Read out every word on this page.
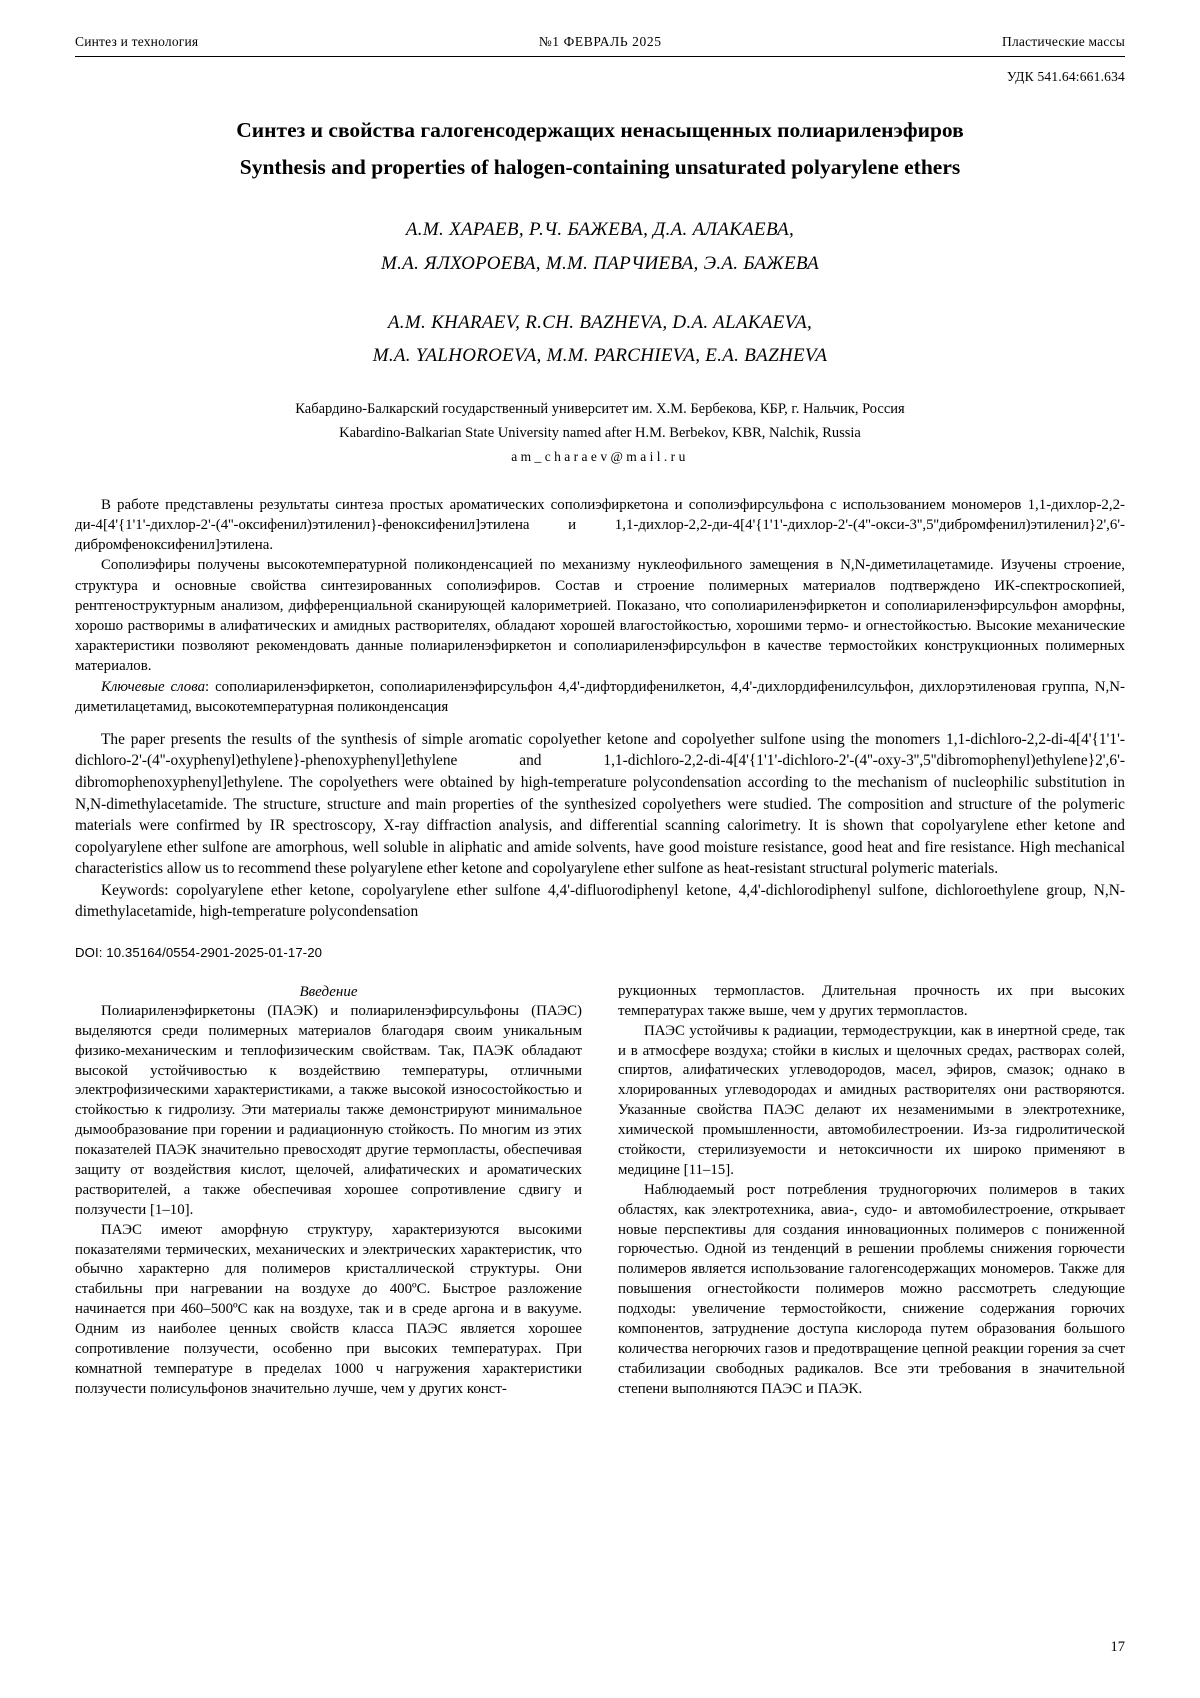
Синтез и технология	№1 ФЕВРАЛЬ 2025	Пластические массы
УДК 541.64:661.634
Синтез и свойства галогенсодержащих ненасыщенных полиариленэфиров
Synthesis and properties of halogen-containing unsaturated polyarylene ethers
А.М. ХАРАЕВ, Р.Ч. БАЖЕВА, Д.А. АЛАКАЕВА,
М.А. ЯЛХОРОЕВА, М.М. ПАРЧИЕВА, Э.А. БАЖЕВА
A.M. KHARAEV, R.CH. BAZHEVA, D.A. ALAKAEVA,
M.A. YALHOROEVA, M.M. PARCHIEVA, E.A. BAZHEVA
Кабардино-Балкарский государственный университет им. Х.М. Бербекова, КБР, г. Нальчик, Россия
Kabardino-Balkarian State University named after H.M. Berbekov, KBR, Nalchik, Russia
am_charaev@mail.ru

В работе представлены результаты синтеза простых ароматических сополиэфиркетона и сополиэфирсульфона с использованием мономеров 1,1-дихлор-2,2-ди-4[4'{1'1'-дихлор-2'-(4''-оксифенил)этиленил}-феноксифенил]этилена и 1,1-дихлор-2,2-ди-4[4'{1'1'-дихлор-2'-(4''-окси-3'',5''дибромфенил)этиленил}2',6'-дибромфеноксифенил]этилена.

Сополиэфиры получены высокотемпературной поликонденсацией по механизму нуклеофильного замещения в N,N-диметилацетамиде. Изучены строение, структура и основные свойства синтезированных сополиэфиров. Состав и строение полимерных материалов подтверждено ИК-спектроскопией, рентгеноструктурным анализом, дифференциальной сканирующей калориметрией. Показано, что сополиариленэфиркетон и сополиариленэфирсульфон аморфны, хорошо растворимы в алифатических и амидных растворителях, обладают хорошей влагостойкостью, хорошими термо- и огнестойкостью. Высокие механические характеристики позволяют рекомендовать данные полиариленэфиркетон и сополиариленэфирсульфон в качестве термостойких конструкционных полимерных материалов.

Ключевые слова: сополиариленэфиркетон, сополиариленэфирсульфон 4,4'-дифтордифенилкетон, 4,4'-дихлордифенилсульфон, дихлорэтиленовая группа, N,N-диметилацетамид, высокотемпературная поликонденсация

The paper presents the results of the synthesis of simple aromatic copolyether ketone and copolyether sulfone using the monomers 1,1-dichloro-2,2-di-4[4'{1'1'-dichloro-2'-(4''-oxyphenyl)ethylene}-phenoxyphenyl]ethylene and 1,1-dichloro-2,2-di-4[4'{1'1'-dichloro-2'-(4''-oxy-3'',5''dibromophenyl)ethylene}2',6'-dibromophenoxyphenyl]ethylene. The copolyethers were obtained by high-temperature polycondensation according to the mechanism of nucleophilic substitution in N,N-dimethylacetamide. The structure, structure and main properties of the synthesized copolyethers were studied. The composition and structure of the polymeric materials were confirmed by IR spectroscopy, X-ray diffraction analysis, and differential scanning calorimetry. It is shown that copolyarylene ether ketone and copolyarylene ether sulfone are amorphous, well soluble in aliphatic and amide solvents, have good moisture resistance, good heat and fire resistance. High mechanical characteristics allow us to recommend these polyarylene ether ketone and copolyarylene ether sulfone as heat-resistant structural polymeric materials.

Keywords: copolyarylene ether ketone, copolyarylene ether sulfone 4,4'-difluorodiphenyl ketone, 4,4'-dichlorodiphenyl sulfone, dichloroethylene group, N,N-dimethylacetamide, high-temperature polycondensation

DOI: 10.35164/0554-2901-2025-01-17-20

Введение

Полиариленэфиркетоны (ПАЭК) и полиариленэфирсульфоны (ПАЭС) выделяются среди полимерных материалов благодаря своим уникальным физико-механическим и теплофизическим свойствам. Так, ПАЭК обладают высокой устойчивостью к воздействию температуры, отличными электрофизическими характеристиками, а также высокой износостойкостью и стойкостью к гидролизу. Эти материалы также демонстрируют минимальное дымообразование при горении и радиационную стойкость. По многим из этих показателей ПАЭК значительно превосходят другие термопласты, обеспечивая защиту от воздействия кислот, щелочей, алифатических и ароматических растворителей, а также обеспечивая хорошее сопротивление сдвигу и ползучести [1–10].

ПАЭС имеют аморфную структуру, характеризуются высокими показателями термических, механических и электрических характеристик, что обычно характерно для полимеров кристаллической структуры. Они стабильны при нагревании на воздухе до 400ºС. Быстрое разложение начинается при 460–500ºС как на воздухе, так и в среде аргона и в вакууме. Одним из наиболее ценных свойств класса ПАЭС является хорошее сопротивление ползучести, особенно при высоких температурах. При комнатной температуре в пределах 1000 ч нагружения характеристики ползучести полисульфонов значительно лучше, чем у других конст-

рукционных термопластов. Длительная прочность их при высоких температурах также выше, чем у других термопластов.

ПАЭС устойчивы к радиации, термодеструкции, как в инертной среде, так и в атмосфере воздуха; стойки в кислых и щелочных средах, растворах солей, спиртов, алифатических углеводородов, масел, эфиров, смазок; однако в хлорированных углеводородах и амидных растворителях они растворяются. Указанные свойства ПАЭС делают их незаменимыми в электротехнике, химической промышленности, автомобилестроении. Из-за гидролитической стойкости, стерилизуемости и нетоксичности их широко применяют в медицине [11–15].

Наблюдаемый рост потребления трудногорючих полимеров в таких областях, как электротехника, авиа-, судо- и автомобилестроение, открывает новые перспективы для создания инновационных полимеров с пониженной горючестью. Одной из тенденций в решении проблемы снижения горючести полимеров является использование галогенсодержащих мономеров. Также для повышения огнестойкости полимеров можно рассмотреть следующие подходы: увеличение термостойкости, снижение содержания горючих компонентов, затруднение доступа кислорода путем образования большого количества негорючих газов и предотвращение цепной реакции горения за счет стабилизации свободных радикалов. Все эти требования в значительной степени выполняются ПАЭС и ПАЭК.

17
